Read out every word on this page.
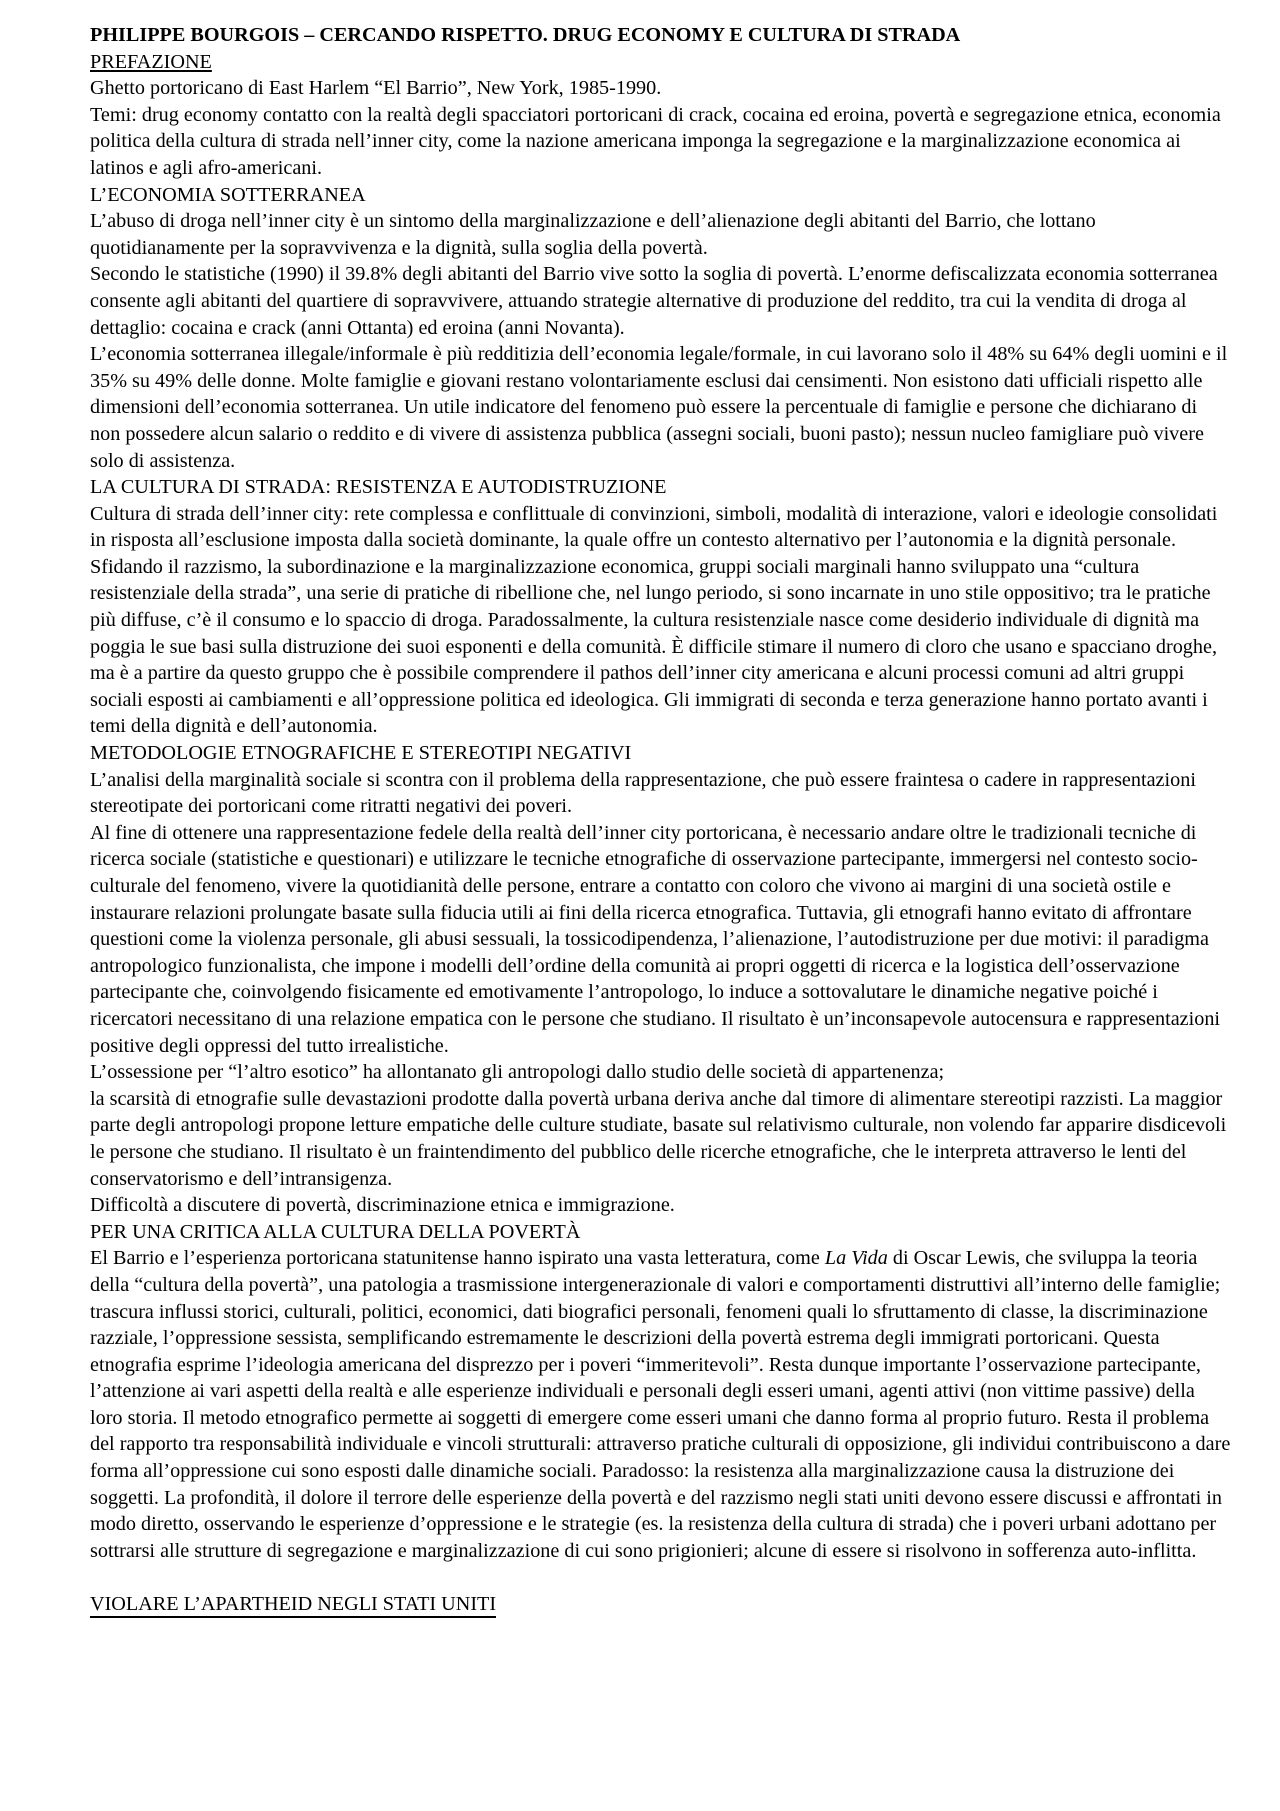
PHILIPPE BOURGOIS – CERCANDO RISPETTO. DRUG ECONOMY E CULTURA DI STRADA
PREFAZIONE

Ghetto portoricano di East Harlem “El Barrio”, New York, 1985-1990.

Temi: drug economy contatto con la realtà degli spacciatori portoricani di crack, cocaina ed eroina, povertà e segregazione etnica, economia politica della cultura di strada nell’inner city, come la nazione americana imponga la segregazione e la marginalizzazione economica ai latinos e agli afro-americani.

L’ECONOMIA SOTTERRANEA

L’abuso di droga nell’inner city è un sintomo della marginalizzazione e dell’alienazione degli abitanti del Barrio, che lottano quotidianamente per la sopravvivenza e la dignità, sulla soglia della povertà.

Secondo le statistiche (1990) il 39.8% degli abitanti del Barrio vive sotto la soglia di povertà. L’enorme defiscalizzata economia sotterranea consente agli abitanti del quartiere di sopravvivere, attuando strategie alternative di produzione del reddito, tra cui la vendita di droga al dettaglio: cocaina e crack (anni Ottanta) ed eroina (anni Novanta).

L’economia sotterranea illegale/informale è più redditizia dell’economia legale/formale, in cui lavorano solo il 48% su 64% degli uomini e il 35% su 49% delle donne. Molte famiglie e giovani restano volontariamente esclusi dai censimenti. Non esistono dati ufficiali rispetto alle dimensioni dell’economia sotterranea. Un utile indicatore del fenomeno può essere la percentuale di famiglie e persone che dichiarano di non possedere alcun salario o reddito e di vivere di assistenza pubblica (assegni sociali, buoni pasto); nessun nucleo famigliare può vivere solo di assistenza.

LA CULTURA DI STRADA: RESISTENZA E AUTODISTRUZIONE

Cultura di strada dell’inner city: rete complessa e conflittuale di convinzioni, simboli, modalità di interazione, valori e ideologie consolidati in risposta all’esclusione imposta dalla società dominante, la quale offre un contesto alternativo per l’autonomia e la dignità personale. Sfidando il razzismo, la subordinazione e la marginalizzazione economica, gruppi sociali marginali hanno sviluppato una “cultura resistenziale della strada”, una serie di pratiche di ribellione che, nel lungo periodo, si sono incarnate in uno stile oppositivo; tra le pratiche più diffuse, c’è il consumo e lo spaccio di droga. Paradossalmente, la cultura resistenziale nasce come desiderio individuale di dignità ma poggia le sue basi sulla distruzione dei suoi esponenti e della comunità. È difficile stimare il numero di cloro che usano e spacciano droghe, ma è a partire da questo gruppo che è possibile comprendere il pathos dell’inner city americana e alcuni processi comuni ad altri gruppi sociali esposti ai cambiamenti e all’oppressione politica ed ideologica. Gli immigrati di seconda e terza generazione hanno portato avanti i temi della dignità e dell’autonomia.

METODOLOGIE ETNOGRAFICHE E STEREOTIPI NEGATIVI

L’analisi della marginalità sociale si scontra con il problema della rappresentazione, che può essere fraintesa o cadere in rappresentazioni stereotipate dei portoricani come ritratti negativi dei poveri.

Al fine di ottenere una rappresentazione fedele della realtà dell’inner city portoricana, è necessario andare oltre le tradizionali tecniche di ricerca sociale (statistiche e questionari) e utilizzare le tecniche etnografiche di osservazione partecipante, immergersi nel contesto socio-culturale del fenomeno, vivere la quotidianità delle persone, entrare a contatto con coloro che vivono ai margini di una società ostile e instaurare relazioni prolungate basate sulla fiducia utili ai fini della ricerca etnografica. Tuttavia, gli etnografi hanno evitato di affrontare questioni come la violenza personale, gli abusi sessuali, la tossicodipendenza, l’alienazione, l’autodistruzione per due motivi: il paradigma antropologico funzionalista, che impone i modelli dell’ordine della comunità ai propri oggetti di ricerca e la logistica dell’osservazione partecipante che, coinvolgendo fisicamente ed emotivamente l’antropologo, lo induce a sottovalutare le dinamiche negative poiché i ricercatori necessitano di una relazione empatica con le persone che studiano. Il risultato è un’inconsapevole autocensura e rappresentazioni positive degli oppressi del tutto irrealistiche.

L’ossessione per “l’altro esotico” ha allontanato gli antropologi dallo studio delle società di appartenenza;

la scarsità di etnografie sulle devastazioni prodotte dalla povertà urbana deriva anche dal timore di alimentare stereotipi razzisti. La maggior parte degli antropologi propone letture empatiche delle culture studiate, basate sul relativismo culturale, non volendo far apparire disdicevoli le persone che studiano. Il risultato è un fraintendimento del pubblico delle ricerche etnografiche, che le interpreta attraverso le lenti del conservatorismo e dell’intransigenza.

Difficoltà a discutere di povertà, discriminazione etnica e immigrazione.

PER UNA CRITICA ALLA CULTURA DELLA POVERTÀ

El Barrio e l’esperienza portoricana statunitense hanno ispirato una vasta letteratura, come La Vida di Oscar Lewis, che sviluppa la teoria della “cultura della povertà”, una patologia a trasmissione intergenerazionale di valori e comportamenti distruttivi all’interno delle famiglie; trascura influssi storici, culturali, politici, economici, dati biografici personali, fenomeni quali lo sfruttamento di classe, la discriminazione razziale, l’oppressione sessista, semplificando estremamente le descrizioni della povertà estrema degli immigrati portoricani. Questa etnografia esprime l’ideologia americana del disprezzo per i poveri “immeritevoli”. Resta dunque importante l’osservazione partecipante, l’attenzione ai vari aspetti della realtà e alle esperienze individuali e personali degli esseri umani, agenti attivi (non vittime passive) della loro storia. Il metodo etnografico permette ai soggetti di emergere come esseri umani che danno forma al proprio futuro. Resta il problema del rapporto tra responsabilità individuale e vincoli strutturali: attraverso pratiche culturali di opposizione, gli individui contribuiscono a dare forma all’oppressione cui sono esposti dalle dinamiche sociali. Paradosso: la resistenza alla marginalizzazione causa la distruzione dei soggetti. La profondità, il dolore il terrore delle esperienze della povertà e del razzismo negli stati uniti devono essere discussi e affrontati in modo diretto, osservando le esperienze d’oppressione e le strategie (es. la resistenza della cultura di strada) che i poveri urbani adottano per sottrarsi alle strutture di segregazione e marginalizzazione di cui sono prigionieri; alcune di essere si risolvono in sofferenza auto-inflitta.

VIOLARE L’APARTHEID NEGLI STATI UNITI
